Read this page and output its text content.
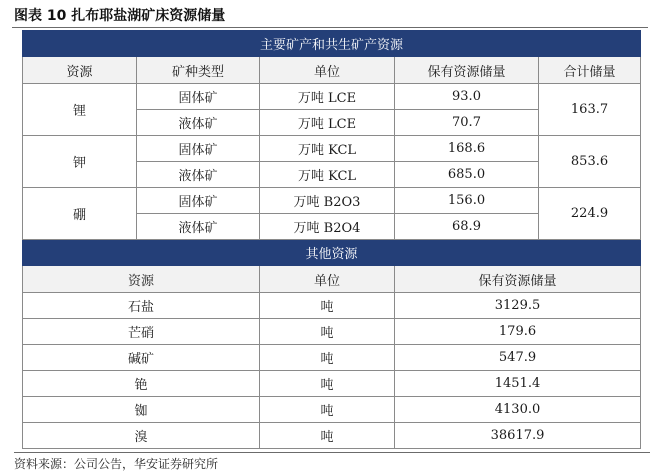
图表 10 扎布耶盐湖矿床资源储量
主要矿产和共生矿产资源				
资源	矿种类型	单位	保有资源储量	合计储量
锂	固体矿	万吨 LCE	93.0	163.7
	液体矿	万吨 LCE	70.7	
钾	固体矿	万吨 KCL	168.6	853.6
	液体矿	万吨 KCL	685.0	
硼	固体矿	万吨 B2O3	156.0	224.9
	液体矿	万吨 B2O4	68.9	
其他资源				
资源		单位	保有资源储量	
石盐		吨	3129.5	
芒硝		吨	179.6	
碱矿		吨	547.9	
铯		吨	1451.4	
铷		吨	4130.0	
溴		吨	38617.9	
资料来源：公司公告，华安证券研究所
